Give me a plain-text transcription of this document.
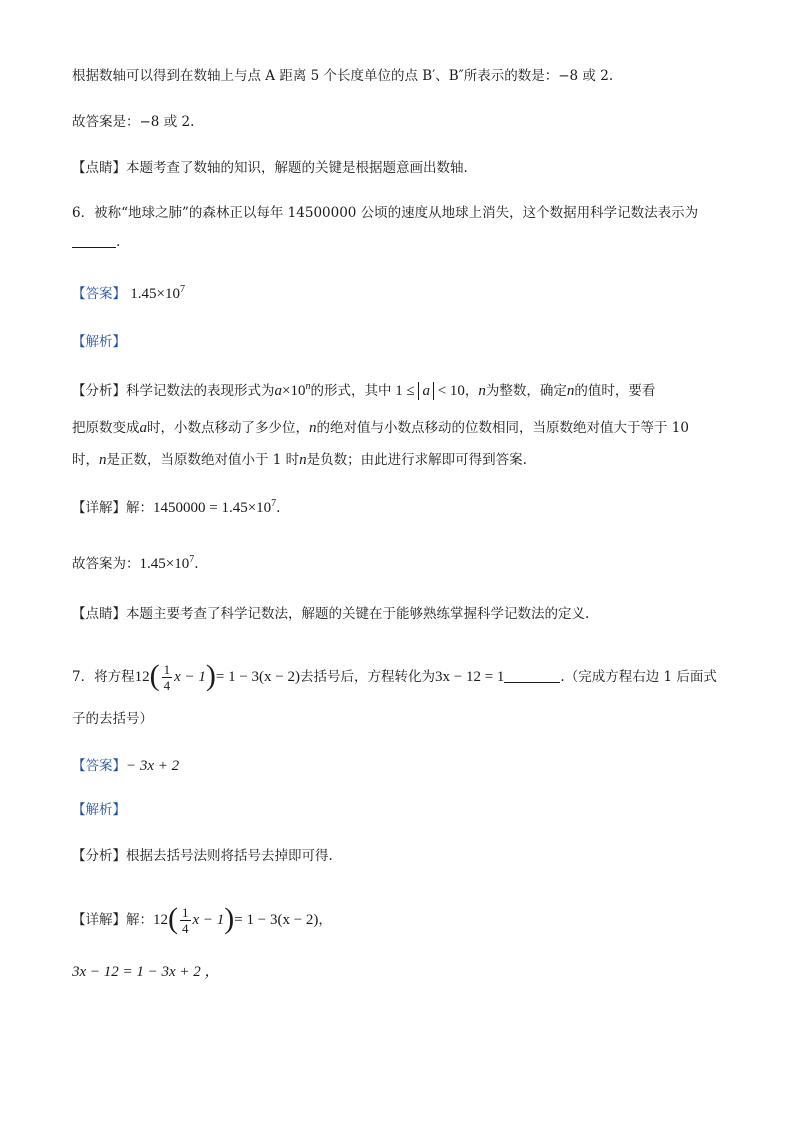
根据数轴可以得到在数轴上与点 A 距离 5 个长度单位的点 B′、B″所表示的数是：−8 或 2.
故答案是：−8 或 2.
【点睛】本题考查了数轴的知识，解题的关键是根据题意画出数轴.
6．被称“地球之肺”的森林正以每年 14500000 公顷的速度从地球上消失，这个数据用科学记数法表示为
.
【答案】 $1.45\times 10^7$
【解析】
【分析】科学记数法的表现形式为$a\times 10^n$的形式，其中 1 ≤ a < 10，n为整数，确定n的值时，要看
把原数变成a时，小数点移动了多少位，n的绝对值与小数点移动的位数相同，当原数绝对值大于等于 10
时，n是正数，当原数绝对值小于 1 时n是负数；由此进行求解即可得到答案.
【详解】解：$1450000 = 1.45\times 10^7$.
故答案为：$1.45\times 10^7$.
【点睛】本题主要考查了科学记数法，解题的关键在于能够熟练掌握科学记数法的定义.
7．将方程$12( \frac{1}{4}$ x − 1)= 1 − 3(x − 2)去括号后，方程转化为3x − 12 = 1	.（完成方程右边 1 后面式
子的去括号）
【答案】− 3x + 2
【解析】
【分析】根据去括号法则将括号去掉即可得.
【详解】解：$12( \frac{1}{4}$ x − 1)= 1 − 3(x − 2)，
3x − 12 = 1 − 3x + 2 ，
